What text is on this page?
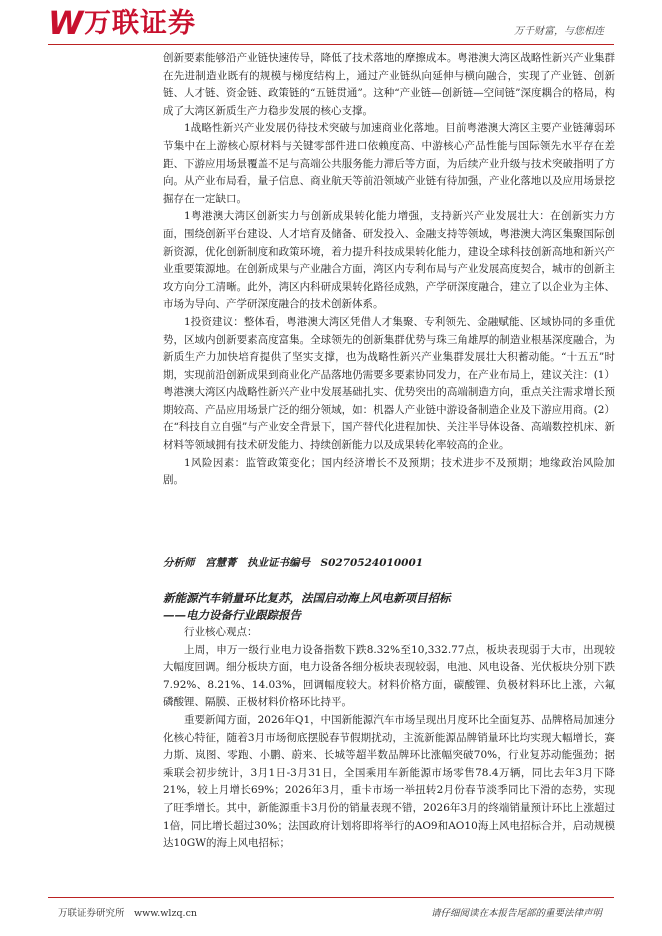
W 万联证券	万千财富，与您相连

创新要素能够沿产业链快速传导，降低了技术落地的摩擦成本。粤港澳大湾区战略性新兴产业集群在先进制造业既有的规模与梯度结构上，通过产业链纵向延伸与横向融合，实现了产业链、创新链、人才链、资金链、政策链的“五链贯通”。这种“产业链—创新链—空间链”深度耦合的格局，构成了大湾区新质生产力稳步发展的核心支撑。

1战略性新兴产业发展仍待技术突破与加速商业化落地。目前粤港澳大湾区主要产业链薄弱环节集中在上游核心原材料与关键零部件进口依赖度高、中游核心产品性能与国际领先水平存在差距、下游应用场景覆盖不足与高端公共服务能力滞后等方面，为后续产业升级与技术突破指明了方向。从产业布局看，量子信息、商业航天等前沿领域产业链有待加强，产业化落地以及应用场景挖掘存在一定缺口。

1粤港澳大湾区创新实力与创新成果转化能力增强，支持新兴产业发展壮大：在创新实力方面，围绕创新平台建设、人才培育及储备、研发投入、金融支持等领域，粤港澳大湾区集聚国际创新资源，优化创新制度和政策环境，着力提升科技成果转化能力，建设全球科技创新高地和新兴产业重要策源地。在创新成果与产业融合方面，湾区内专利布局与产业发展高度契合，城市的创新主攻方向分工清晰。此外，湾区内科研成果转化路径成熟，产学研深度融合，建立了以企业为主体、市场为导向、产学研深度融合的技术创新体系。

1投资建议：整体看，粤港澳大湾区凭借人才集聚、专利领先、金融赋能、区域协同的多重优势，区域内创新要素高度富集。全球领先的创新集群优势与珠三角雄厚的制造业根基深度融合，为新质生产力加快培育提供了坚实支撑，也为战略性新兴产业集群发展壮大积蓄动能。“十五五”时期，实现前沿创新成果到商业化产品落地仍需要多要素协同发力，在产业布局上，建议关注：(1）粤港澳大湾区内战略性新兴产业中发展基础扎实、优势突出的高端制造方向，重点关注需求增长预期较高、产品应用场景广泛的细分领域，如：机器人产业链中游设备制造企业及下游应用商。(2）在“科技自立自强”与产业安全背景下，国产替代化进程加快、关注半导体设备、高端数控机床、新材料等领域拥有技术研发能力、持续创新能力以及成果转化率较高的企业。

1风险因素：监管政策变化；国内经济增长不及预期；技术进步不及预期；地缘政治风险加剧。

分析师　宫慧菁　执业证书编号　S0270524010001
新能源汽车销量环比复苏，法国启动海上风电新项目招标
——电力设备行业跟踪报告

行业核心观点：

上周，申万一级行业电力设备指数下跌8.32%至10,332.77点，板块表现弱于大市，出现较大幅度回调。细分板块方面，电力设备各细分板块表现较弱，电池、风电设备、光伏板块分别下跌7.92%、8.21%、14.03%，回调幅度较大。材料价格方面，碳酸锂、负极材料环比上涨，六氟磷酸锂、隔膜、正极材料价格环比持平。

重要新闻方面，2026年Q1，中国新能源汽车市场呈现出月度环比全面复苏、品牌格局加速分化核心特征，随着3月市场彻底摆脱春节假期扰动，主流新能源品牌销量环比均实现大幅增长，赛力斯、岚图、零跑、小鹏、蔚来、长城等超半数品牌环比涨幅突破70%，行业复苏动能强劲；据乘联会初步统计，3月1日-3月31日，全国乘用车新能源市场零售78.4万辆，同比去年3月下降21%，较上月增长69%；2026年3月，重卡市场一举扭转2月份春节淡季同比下滑的态势，实现了旺季增长。其中，新能源重卡3月份的销量表现不错，2026年3月的终端销量预计环比上涨超过1倍，同比增长超过30%；法国政府计划将即将举行的AO9和AO10海上风电招标合并，启动规模达10GW的海上风电招标；

万联证券研究所　www.wlzq.cn	请仔细阅读在本报告尾部的重要法律声明
